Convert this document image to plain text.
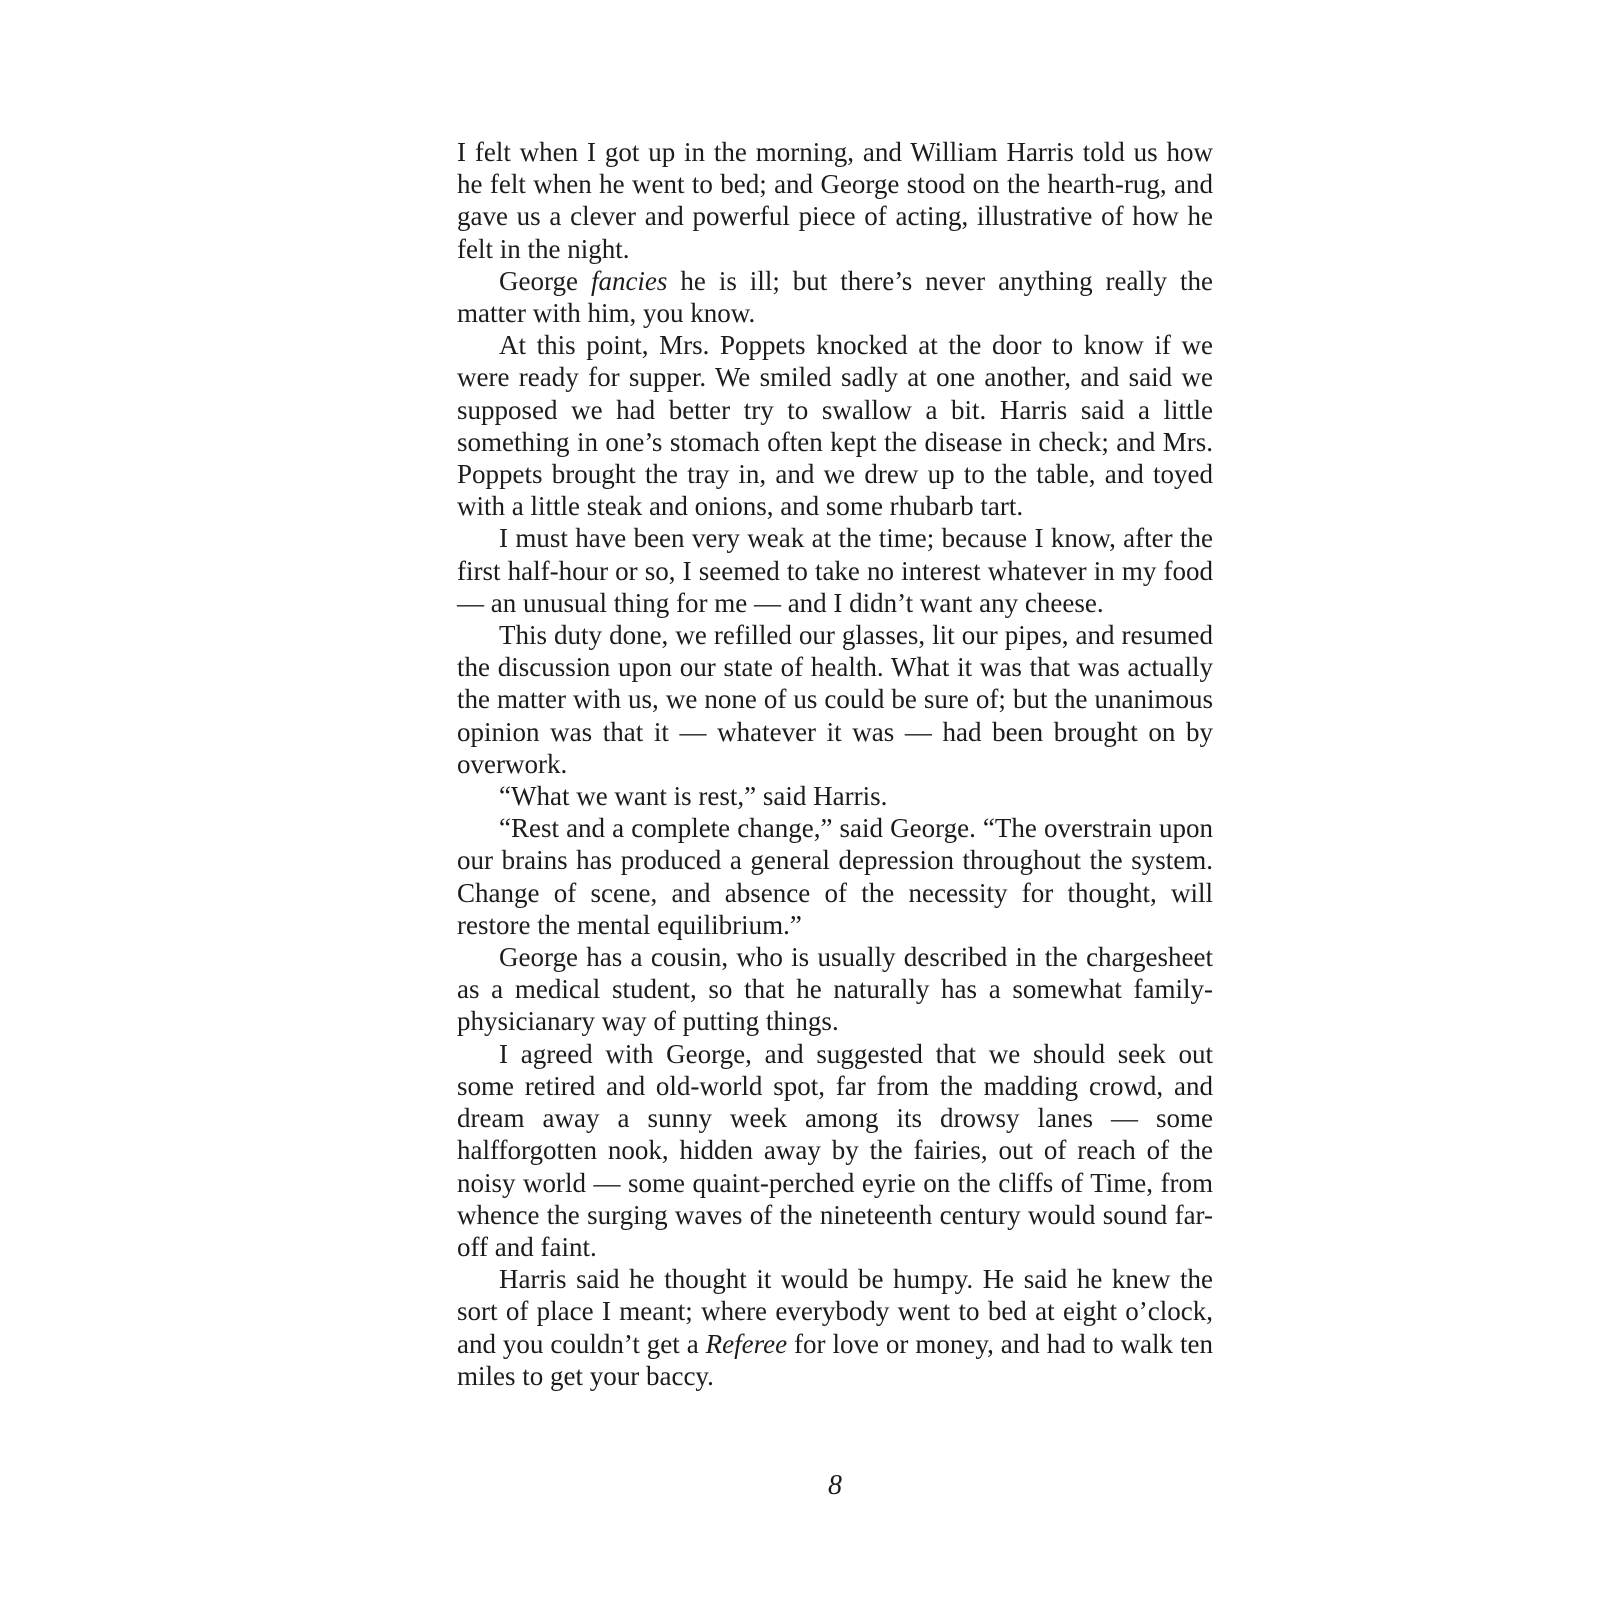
I felt when I got up in the morning, and William Harris told us how he felt when he went to bed; and George stood on the hearth-rug, and gave us a clever and powerful piece of acting, illustrative of how he felt in the night.

George fancies he is ill; but there’s never anything really the matter with him, you know.

At this point, Mrs. Poppets knocked at the door to know if we were ready for supper. We smiled sadly at one another, and said we supposed we had better try to swallow a bit. Harris said a little something in one’s stomach often kept the disease in check; and Mrs. Poppets brought the tray in, and we drew up to the table, and toyed with a little steak and onions, and some rhubarb tart.

I must have been very weak at the time; because I know, after the first half-hour or so, I seemed to take no interest whatever in my food — an unusual thing for me — and I didn’t want any cheese.

This duty done, we refilled our glasses, lit our pipes, and resumed the discussion upon our state of health. What it was that was actually the matter with us, we none of us could be sure of; but the unanimous opinion was that it — whatever it was — had been brought on by overwork.

“What we want is rest,” said Harris.

“Rest and a complete change,” said George. “The overstrain upon our brains has produced a general depression throughout the system. Change of scene, and absence of the necessity for thought, will restore the mental equilibrium.”

George has a cousin, who is usually described in the chargesheet as a medical student, so that he naturally has a somewhat family-physicianary way of putting things.

I agreed with George, and suggested that we should seek out some retired and old-world spot, far from the madding crowd, and dream away a sunny week among its drowsy lanes — some halfforgotten nook, hidden away by the fairies, out of reach of the noisy world — some quaint-perched eyrie on the cliffs of Time, from whence the surging waves of the nineteenth century would sound far-off and faint.

Harris said he thought it would be humpy. He said he knew the sort of place I meant; where everybody went to bed at eight o’clock, and you couldn’t get a Referee for love or money, and had to walk ten miles to get your baccy.

8
